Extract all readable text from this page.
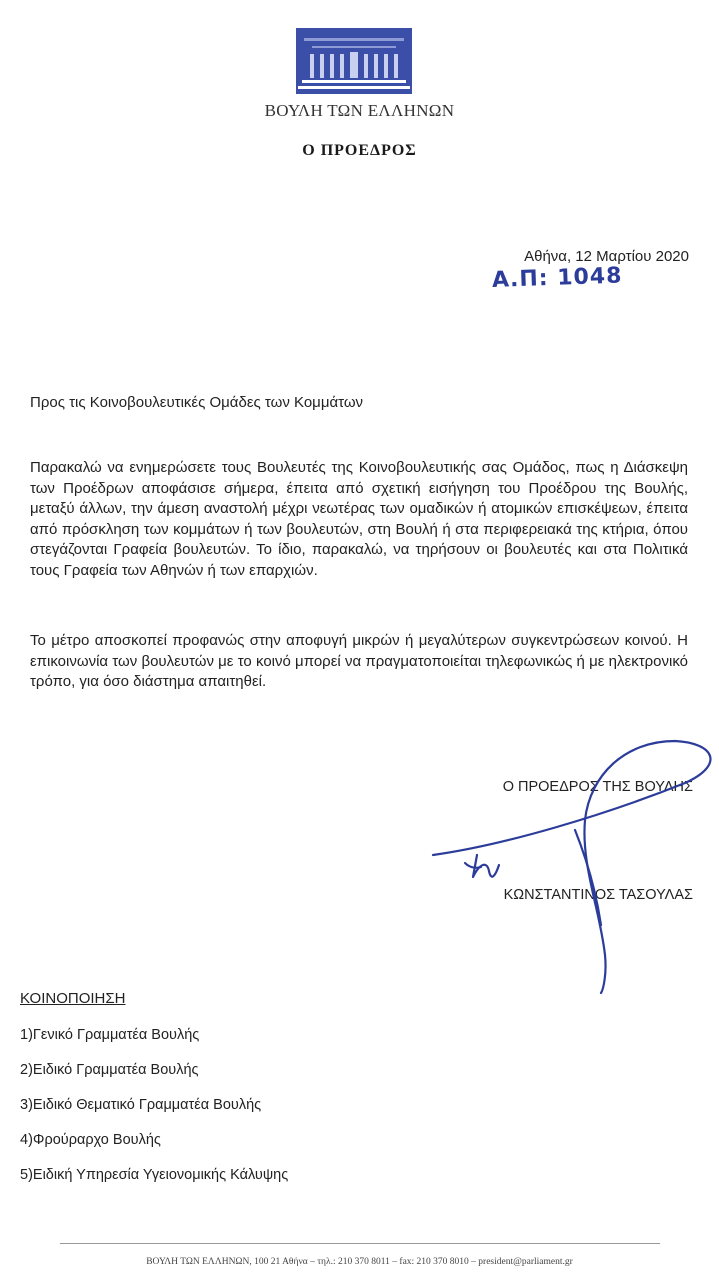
ΒΟΥΛΗ ΤΩΝ ΕΛΛΗΝΩΝ
Ο ΠΡΟΕΔΡΟΣ
Αθήνα, 12 Μαρτίου 2020
Α.Π: 1048
Προς τις Κοινοβουλευτικές Ομάδες των Κομμάτων
Παρακαλώ να ενημερώσετε τους Βουλευτές της Κοινοβουλευτικής σας Ομάδος, πως η Διάσκεψη των Προέδρων αποφάσισε σήμερα, έπειτα από σχετική εισήγηση του Προέδρου της Βουλής, μεταξύ άλλων, την άμεση αναστολή μέχρι νεωτέρας των ομαδικών ή ατομικών επισκέψεων, έπειτα από πρόσκληση των κομμάτων ή των βουλευτών, στη Βουλή ή στα περιφερειακά της κτήρια, όπου στεγάζονται Γραφεία βουλευτών. Το ίδιο, παρακαλώ, να τηρήσουν οι βουλευτές και στα Πολιτικά τους Γραφεία των Αθηνών ή των επαρχιών.
Το μέτρο αποσκοπεί προφανώς στην αποφυγή μικρών ή μεγαλύτερων συγκεντρώσεων κοινού. Η επικοινωνία των βουλευτών με το κοινό μπορεί να πραγματοποιείται τηλεφωνικώς ή με ηλεκτρονικό τρόπο, για όσο διάστημα απαιτηθεί.
Ο ΠΡΟΕΔΡΟΣ ΤΗΣ ΒΟΥΛΗΣ
ΚΩΝΣΤΑΝΤΙΝΟΣ ΤΑΣΟΥΛΑΣ
ΚΟΙΝΟΠΟΙΗΣΗ
1)Γενικό Γραμματέα Βουλής
2)Ειδικό Γραμματέα Βουλής
3)Ειδικό Θεματικό Γραμματέα Βουλής
4)Φρούραρχο Βουλής
5)Ειδική Υπηρεσία Υγειονομικής Κάλυψης
ΒΟΥΛΗ ΤΩΝ ΕΛΛΗΝΩΝ, 100 21 Αθήνα – τηλ.: 210 370 8011 – fax: 210 370 8010 – president@parliament.gr
